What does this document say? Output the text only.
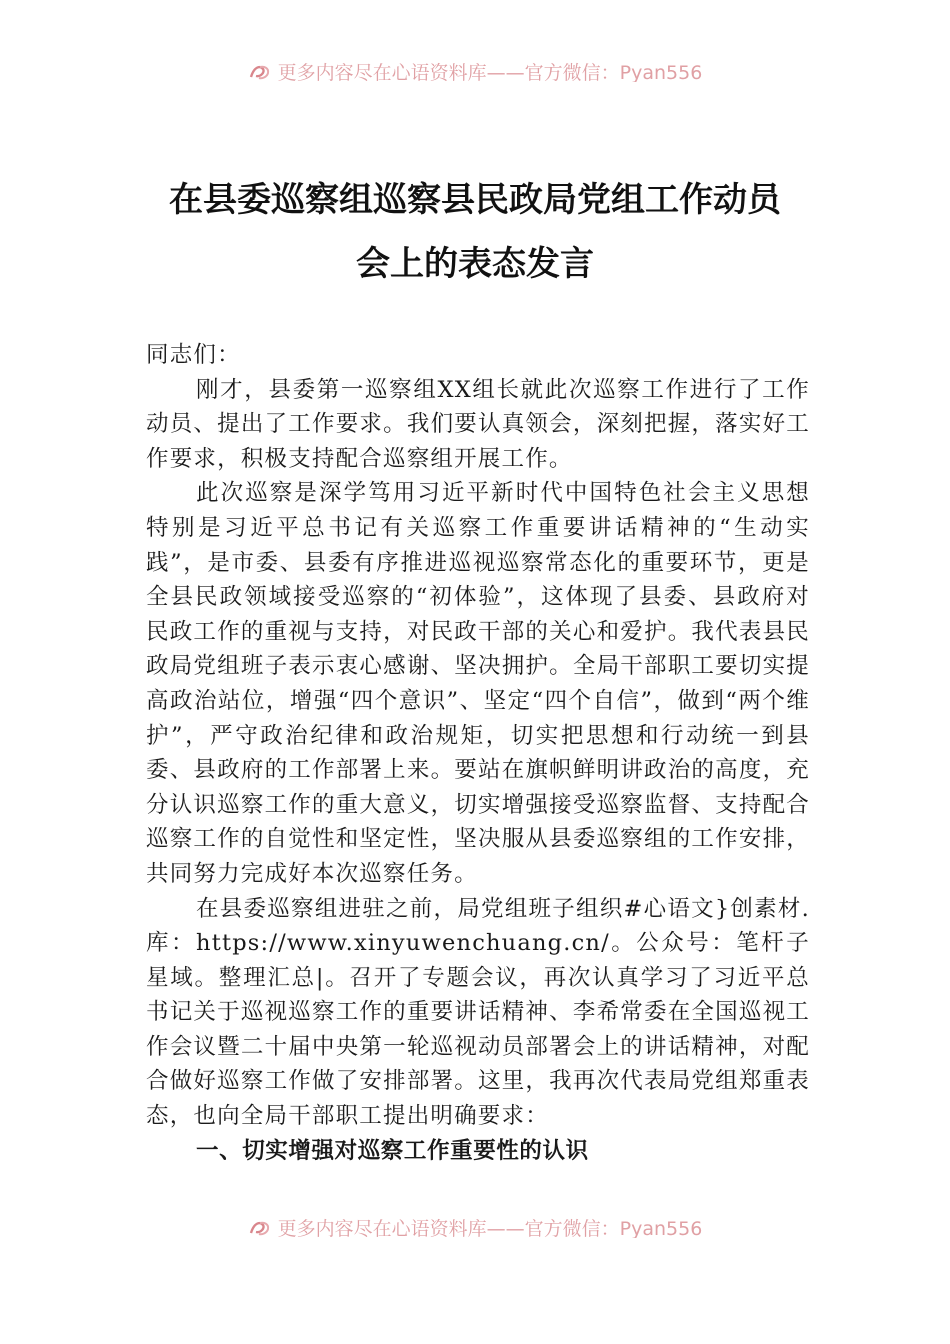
更多内容尽在心语资料库——官方微信：Pyan556
在县委巡察组巡察县民政局党组工作动员
会上的表态发言

同志们：

刚才，县委第一巡察组XX组长就此次巡察工作进行了工作动员、提出了工作要求。我们要认真领会，深刻把握，落实好工作要求，积极支持配合巡察组开展工作。

此次巡察是深学笃用习近平新时代中国特色社会主义思想特别是习近平总书记有关巡察工作重要讲话精神的“生动实践”，是市委、县委有序推进巡视巡察常态化的重要环节，更是全县民政领域接受巡察的“初体验”，这体现了县委、县政府对民政工作的重视与支持，对民政干部的关心和爱护。我代表县民政局党组班子表示衷心感谢、坚决拥护。全局干部职工要切实提高政治站位，增强“四个意识”、坚定“四个自信”，做到“两个维护”，严守政治纪律和政治规矩，切实把思想和行动统一到县委、县政府的工作部署上来。要站在旗帜鲜明讲政治的高度，充分认识巡察工作的重大意义，切实增强接受巡察监督、支持配合巡察工作的自觉性和坚定性，坚决服从县委巡察组的工作安排，共同努力完成好本次巡察任务。

在县委巡察组进驻之前，局党组班子组织#心语文}创素材.库：https://www.xinyuwenchuang.cn/。公众号：笔杆子星域。整理汇总|。召开了专题会议，再次认真学习了习近平总书记关于巡视巡察工作的重要讲话精神、李希常委在全国巡视工作会议暨二十届中央第一轮巡视动员部署会上的讲话精神，对配合做好巡察工作做了安排部署。这里，我再次代表局党组郑重表态，也向全局干部职工提出明确要求：

一、切实增强对巡察工作重要性的认识

更多内容尽在心语资料库——官方微信：Pyan556
